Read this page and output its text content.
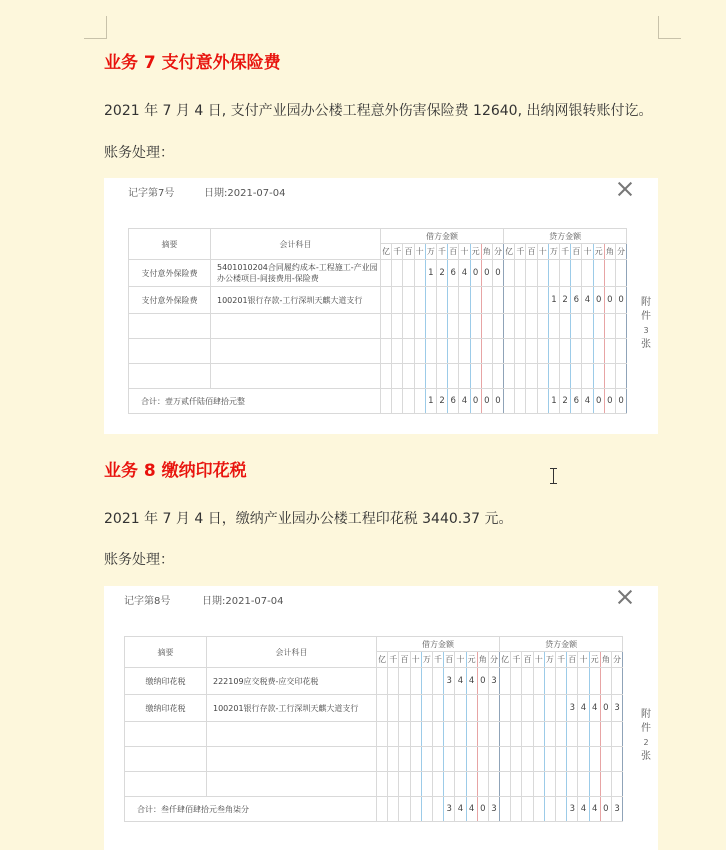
业务 7 支付意外保险费
2021 年 7 月 4 日, 支付产业园办公楼工程意外伤害保险费 12640, 出纳网银转账付讫。
账务处理：
记字第7号	日期:2021-07-04
摘要	会计科目	借方金额											贷方金额										
		亿	千	百	十	万	千	百	十	元	角	分	亿	千	百	十	万	千	百	十	元	角	分
支付意外保险费	5401010204合同履约成本-工程施工-产业园办公楼项目-间接费用-保险费					1	2	6	4	0	0	0											
支付意外保险费	100201银行存款-工行深圳天麒大道支行																1	2	6	4	0	0	0

合计：壹万贰仟陆佰肆拾元整						1	2	6	4	0	0	0					1	2	6	4	0	0	0
附件
3
张
业务 8 缴纳印花税
2021 年 7 月 4 日，缴纳产业园办公楼工程印花税 3440.37 元。
账务处理：
记字第8号	日期:2021-07-04
摘要	会计科目	借方金额											贷方金额										
		亿	千	百	十	万	千	百	十	元	角	分	亿	千	百	十	万	千	百	十	元	角	分
缴纳印花税	222109应交税费-应交印花税							3	4	4	0	3											
缴纳印花税	100201银行存款-工行深圳天麒大道支行																		3	4	4	0	3

合计：叁仟肆佰肆拾元叁角柒分								3	4	4	0	3							3	4	4	0	3
附件
2
张
